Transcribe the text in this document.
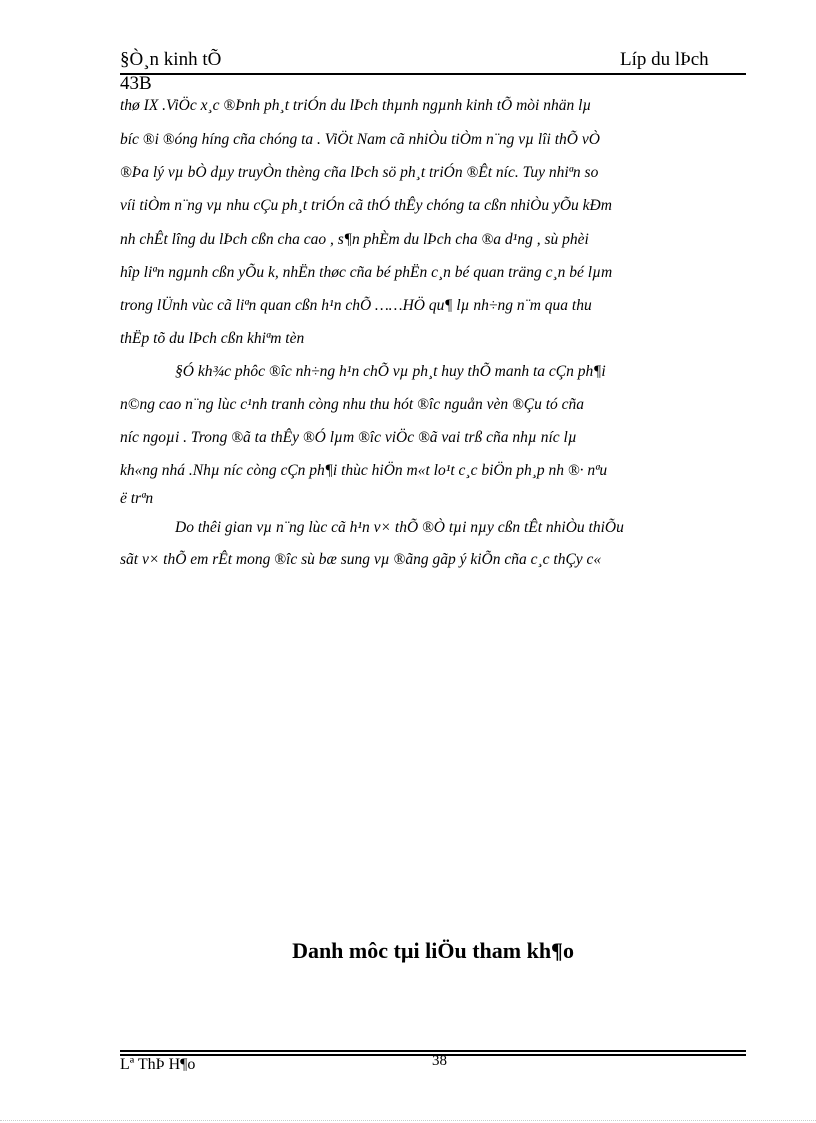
§Ò¸n kinh tÕ	Líp du lÞch
43B
thø IX .ViÖc x¸c ®Þnh ph¸t triÓn du lÞch thµnh ngµnh kinh tÕ mòi nhän lµ
bíc ®i ®óng híng cña chóng ta . ViÖt Nam cã nhiÒu tiÒm n¨ng vµ lîi thÕ vÒ
®Þa lý vµ bÒ dµy truyÒn thèng cña lÞch sö ph¸t triÓn ®Êt níc. Tuy nhiªn so
víi tiÒm n¨ng vµ nhu cÇu ph¸t triÓn cã thÓ thÊy chóng ta cßn nhiÒu yÕu kÐm
nh chÊt lîng du lÞch cßn cha cao , s¶n phÈm du lÞch cha ®a d¹ng , sù phèi
hîp liªn ngµnh cßn yÕu k, nhËn thøc cña bé phËn c¸n bé quan träng c¸n bé lµm
trong lÜnh vùc cã liªn quan cßn h¹n chÕ ……HÖ qu¶ lµ nh÷ng n¨m qua thu
thËp tõ du lÞch cßn khiªm tèn
§Ó kh¾c phôc ®îc nh÷ng h¹n chÕ vµ ph¸t huy thÕ manh ta cÇn ph¶i
n©ng cao n¨ng lùc c¹nh tranh còng nhu thu hót ®îc nguån vèn ®Çu tó cña
níc ngoµi . Trong ®ã ta thÊy ®Ó lµm ®îc viÖc ®ã vai trß cña nhµ níc lµ
kh«ng nhá .Nhµ níc còng cÇn ph¶i thùc hiÖn m«t lo¹t c¸c biÖn ph¸p nh ®· nªu
ë trªn
Do thêi gian vµ n¨ng lùc cã h¹n v× thÕ ®Ò tµi nµy cßn tÊt nhiÒu thiÕu
sãt v× thÕ em rÊt mong ®îc sù bæ sung vµ ®ãng gãp ý kiÕn cña c¸c thÇy c«
Danh môc tµi liÖu tham kh¶o
Lª ThÞ H¶o	38
